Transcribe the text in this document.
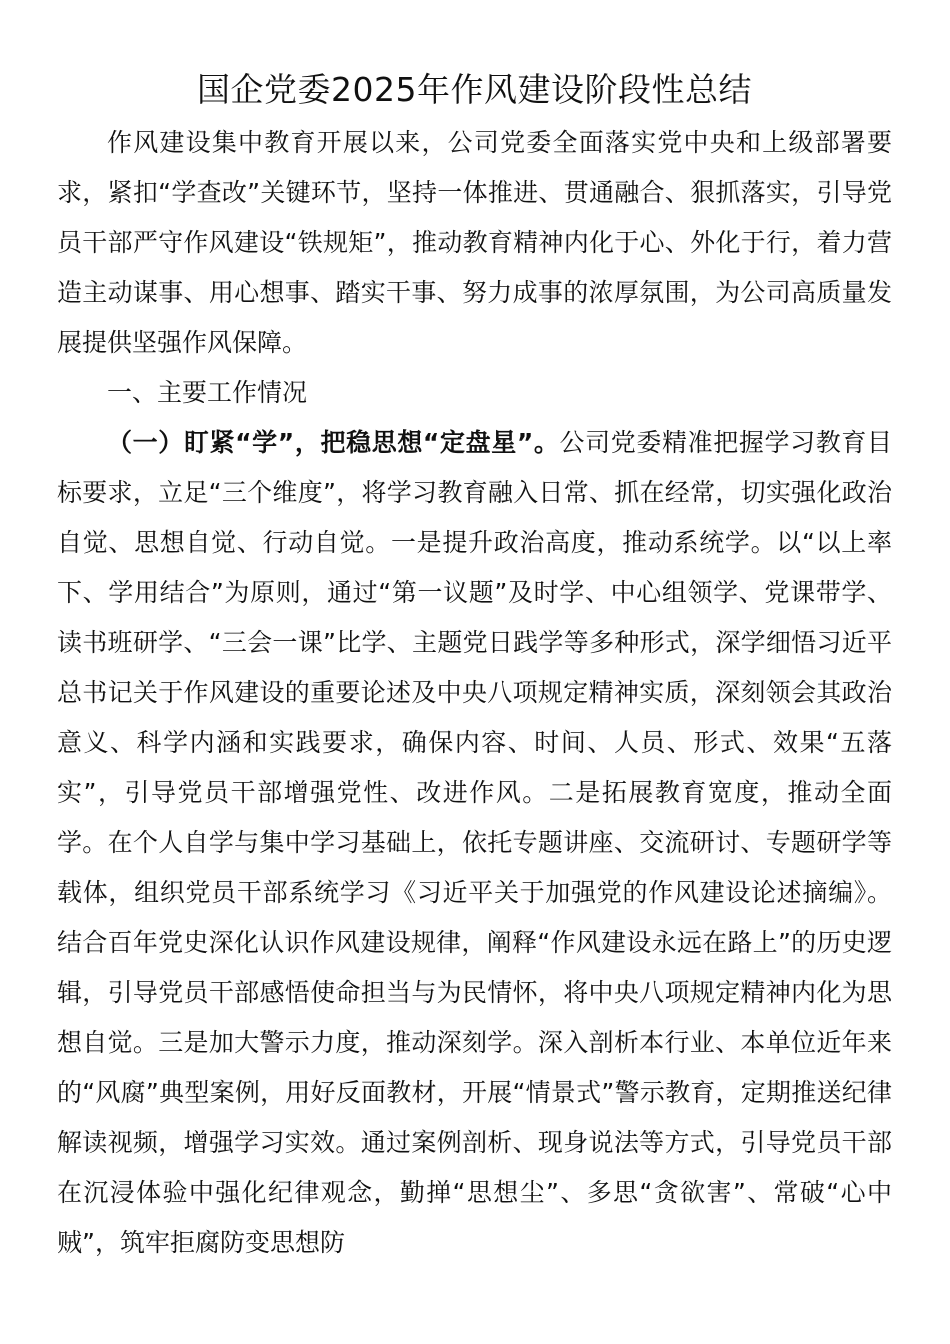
国企党委2025年作风建设阶段性总结

作风建设集中教育开展以来，公司党委全面落实党中央和上级部署要求，紧扣“学查改”关键环节，坚持一体推进、贯通融合、狠抓落实，引导党员干部严守作风建设“铁规矩”，推动教育精神内化于心、外化于行，着力营造主动谋事、用心想事、踏实干事、努力成事的浓厚氛围，为公司高质量发展提供坚强作风保障。

一、主要工作情况

（一）盯紧“学”，把稳思想“定盘星”。公司党委精准把握学习教育目标要求，立足“三个维度”，将学习教育融入日常、抓在经常，切实强化政治自觉、思想自觉、行动自觉。一是提升政治高度，推动系统学。以“以上率下、学用结合”为原则，通过“第一议题”及时学、中心组领学、党课带学、读书班研学、“三会一课”比学、主题党日践学等多种形式，深学细悟习近平总书记关于作风建设的重要论述及中央八项规定精神实质，深刻领会其政治意义、科学内涵和实践要求，确保内容、时间、人员、形式、效果“五落实”，引导党员干部增强党性、改进作风。二是拓展教育宽度，推动全面学。在个人自学与集中学习基础上，依托专题讲座、交流研讨、专题研学等载体，组织党员干部系统学习《习近平关于加强党的作风建设论述摘编》。结合百年党史深化认识作风建设规律，阐释“作风建设永远在路上”的历史逻辑，引导党员干部感悟使命担当与为民情怀，将中央八项规定精神内化为思想自觉。三是加大警示力度，推动深刻学。深入剖析本行业、本单位近年来的“风腐”典型案例，用好反面教材，开展“情景式”警示教育，定期推送纪律解读视频，增强学习实效。通过案例剖析、现身说法等方式，引导党员干部在沉浸体验中强化纪律观念，勤掸“思想尘”、多思“贪欲害”、常破“心中贼”，筑牢拒腐防变思想防
